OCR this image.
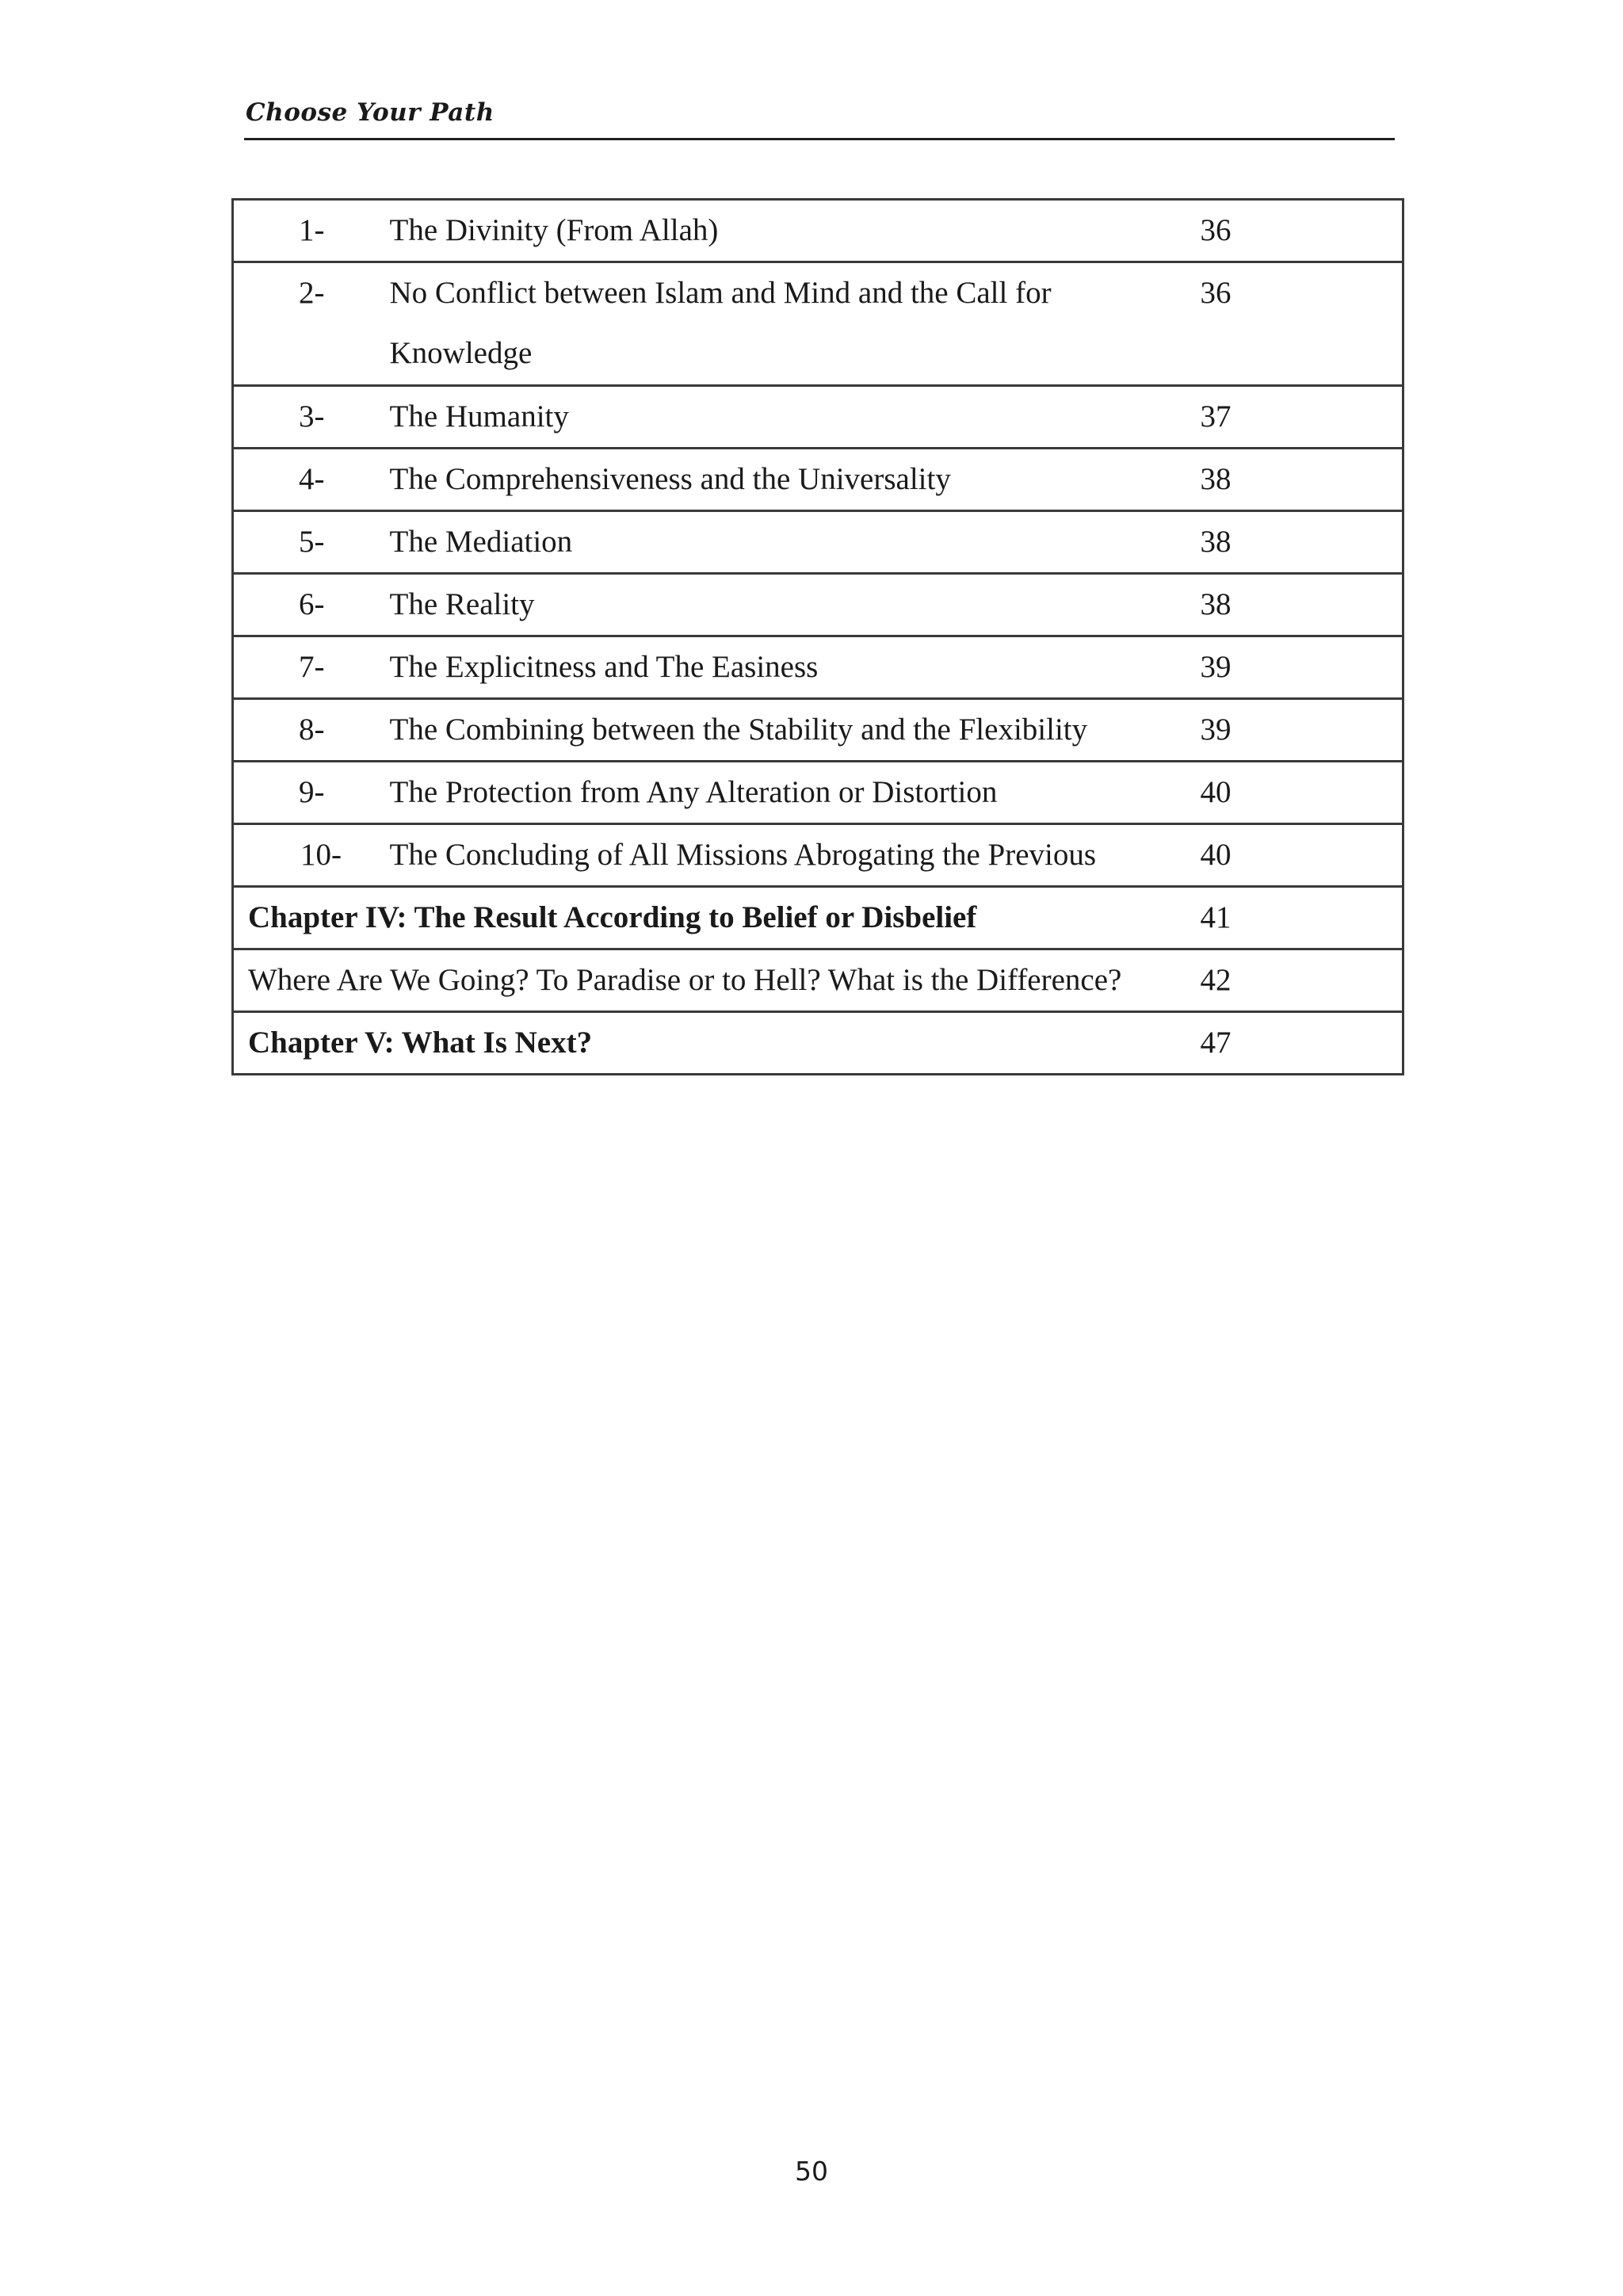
Choose Your Path
1-	The Divinity (From Allah)	36
2-	No Conflict between Islam and Mind and the Call for Knowledge	36
3-	The Humanity	37
4-	The Comprehensiveness and the Universality	38
5-	The Mediation	38
6-	The Reality	38
7-	The Explicitness and The Easiness	39
8-	The Combining between the Stability and the Flexibility	39
9-	The Protection from Any Alteration or Distortion	40
10-	The Concluding of All Missions Abrogating the Previous	40
Chapter IV: The Result According to Belief or Disbelief		41
Where Are We Going? To Paradise or to Hell? What is the Difference?		42
Chapter V: What Is Next?		47
50
